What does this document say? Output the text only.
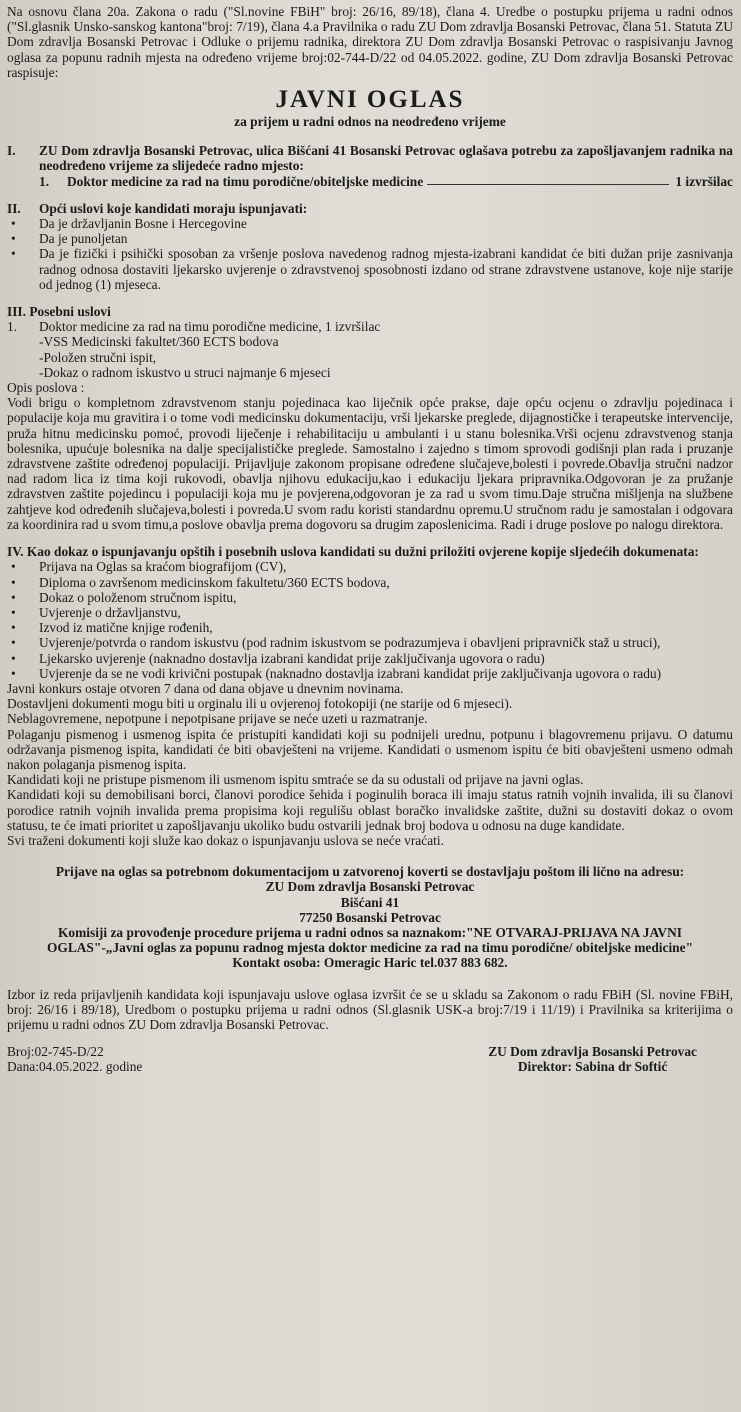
Na osnovu člana 20a. Zakona o radu ("Sl.novine FBiH" broj: 26/16, 89/18), člana 4. Uredbe o postupku prijema u radni odnos ("Sl.glasnik Unsko-sanskog kantona"broj: 7/19), člana 4.a Pravilnika o radu ZU Dom zdravlja Bosanski Petrovac, člana 51. Statuta ZU Dom zdravlja Bosanski Petrovac i Odluke o prijemu radnika, direktora ZU Dom zdravlja Bosanski Petrovac o raspisivanju Javnog oglasa za popunu radnih mjesta na određeno vrijeme broj:02-744-D/22 od 04.05.2022. godine, ZU Dom zdravlja Bosanski Petrovac raspisuje:

JAVNI OGLAS
za prijem u radni odnos na neodređeno vrijeme
I.	ZU Dom zdravlja Bosanski Petrovac, ulica Bišćani 41 Bosanski Petrovac oglašava potrebu za zapošljavanjem radnika na neodređeno vrijeme za slijedeće radno mjesto:
1.	Doktor medicine za rad na timu porodične/obiteljske medicine	1 izvršilac
II.	Opći uslovi koje kandidati moraju ispunjavati:
•	Da je državljanin Bosne i Hercegovine
•	Da je punoljetan
•	Da je fizički i psihički sposoban za vršenje poslova navedenog radnog mjesta-izabrani kandidat će biti dužan prije zasnivanja radnog odnosa dostaviti ljekarsko uvjerenje o zdravstvenoj sposobnosti izdano od strane zdravstvene ustanove, koje nije starije od jednog (1) mjeseca.
III. Posebni uslovi
1.	Doktor medicine za rad na timu porodične medicine, 1 izvršilac
-VSS Medicinski fakultet/360 ECTS bodova
-Položen stručni ispit,
-Dokaz o radnom iskustvo u struci najmanje 6 mjeseci
Opis poslova :

Vodi brigu o kompletnom zdravstvenom stanju pojedinaca kao liječnik opće prakse, daje opću ocjenu o zdravlju pojedinaca i populacije koja mu gravitira i o tome vodi medicinsku dokumentaciju, vrši ljekarske preglede, dijagnostičke i terapeutske intervencije, pruža hitnu medicinsku pomoć, provodi liječenje i rehabilitaciju u ambulanti i u stanu bolesnika.Vrši ocjenu zdravstvenog stanja bolesnika, upućuje bolesnika na dalje specijalističke preglede. Samostalno i zajedno s timom sprovodi godišnji plan rada i pruzanje zdravstvene zaštite određenoj populaciji. Prijavljuje zakonom propisane određene slučajeve,bolesti i povrede.Obavlja stručni nadzor nad radom lica iz tima koji rukovodi, obavlja njihovu edukaciju,kao i edukaciju ljekara pripravnika.Odgovoran je za pružanje zdravstven zaštite pojedincu i populaciji koja mu je povjerena,odgovoran je za rad u svom timu.Daje stručna mišljenja na službene zahtjeve kod određenih slučajeva,bolesti i povreda.U svom radu koristi standardnu opremu.U stručnom radu je samostalan i odgovara za koordinira rad u svom timu,a poslove obavlja prema dogovoru sa drugim zaposlenicima. Radi i druge poslove po nalogu direktora.

IV. Kao dokaz o ispunjavanju opštih i posebnih uslova kandidati su dužni priložiti ovjerene kopije sljedećih dokumenata:

•	Prijava na Oglas sa kraćom biografijom (CV),
•	Diploma o završenom medicinskom fakultetu/360 ECTS bodova,
•	Dokaz o položenom stručnom ispitu,
•	Uvjerenje o državljanstvu,
•	Izvod iz matične knjige rođenih,
•	Uvjerenje/potvrda o random iskustvu (pod radnim iskustvom se podrazumjeva i obavljeni pripravničk staž u struci),
•	Ljekarsko uvjerenje (naknadno dostavlja izabrani kandidat prije zaključivanja ugovora o radu)
•	Uvjerenje da se ne vodi krivični postupak (naknadno dostavlja izabrani kandidat prije zaključivanja ugovora o radu)

Javni konkurs ostaje otvoren 7 dana od dana objave u dnevnim novinama.

Dostavljeni dokumenti mogu biti u orginalu ili u ovjerenoj fotokopiji (ne starije od 6 mjeseci).

Neblagovremene, nepotpune i nepotpisane prijave se neće uzeti u razmatranje.

Polaganju pismenog i usmenog ispita će pristupiti kandidati koji su podnijeli urednu, potpunu i blagovremenu prijavu. O datumu održavanja pismenog ispita, kandidati će biti obavješteni na vrijeme. Kandidati o usmenom ispitu će biti obavješteni usmeno odmah nakon polaganja pismenog ispita.

Kandidati koji ne pristupe pismenom ili usmenom ispitu smtraće se da su odustali od prijave na javni oglas.

Kandidati koji su demobilisani borci, članovi porodice šehida i poginulih boraca ili imaju status ratnih vojnih invalida, ili su članovi porodice ratnih vojnih invalida prema propisima koji regulišu oblast boračko invalidske zaštite, dužni su dostaviti dokaz o ovom statusu, te će imati prioritet u zapošljavanju ukoliko budu ostvarili jednak broj bodova u odnosu na duge kandidate.

Svi traženi dokumenti koji služe kao dokaz o ispunjavanju uslova se neće vraćati.

Prijave na oglas sa potrebnom dokumentacijom u zatvorenoj koverti se dostavljaju poštom ili lično na adresu:
ZU Dom zdravlja Bosanski Petrovac
Bišćani 41
77250 Bosanski Petrovac
Komisiji za provođenje procedure prijema u radni odnos sa naznakom:"NE OTVARAJ-PRIJAVA NA JAVNI OGLAS"-„Javni oglas za popunu radnog mjesta doktor medicine za rad na timu porodične/ obiteljske medicine"
Kontakt osoba: Omeragic Haric tel.037 883 682.

Izbor iz reda prijavljenih kandidata koji ispunjavaju uslove oglasa izvršit će se u skladu sa Zakonom o radu FBiH (Sl. novine FBiH, broj: 26/16 i 89/18), Uredbom o postupku prijema u radni odnos (Sl.glasnik USK-a broj:7/19 i 11/19) i Pravilnika sa kriterijima o prijemu u radni odnos ZU Dom zdravlja Bosanski Petrovac.

Broj:02-745-D/22
Dana:04.05.2022. godine
ZU Dom zdravlja Bosanski Petrovac
Direktor: Sabina dr Softić
